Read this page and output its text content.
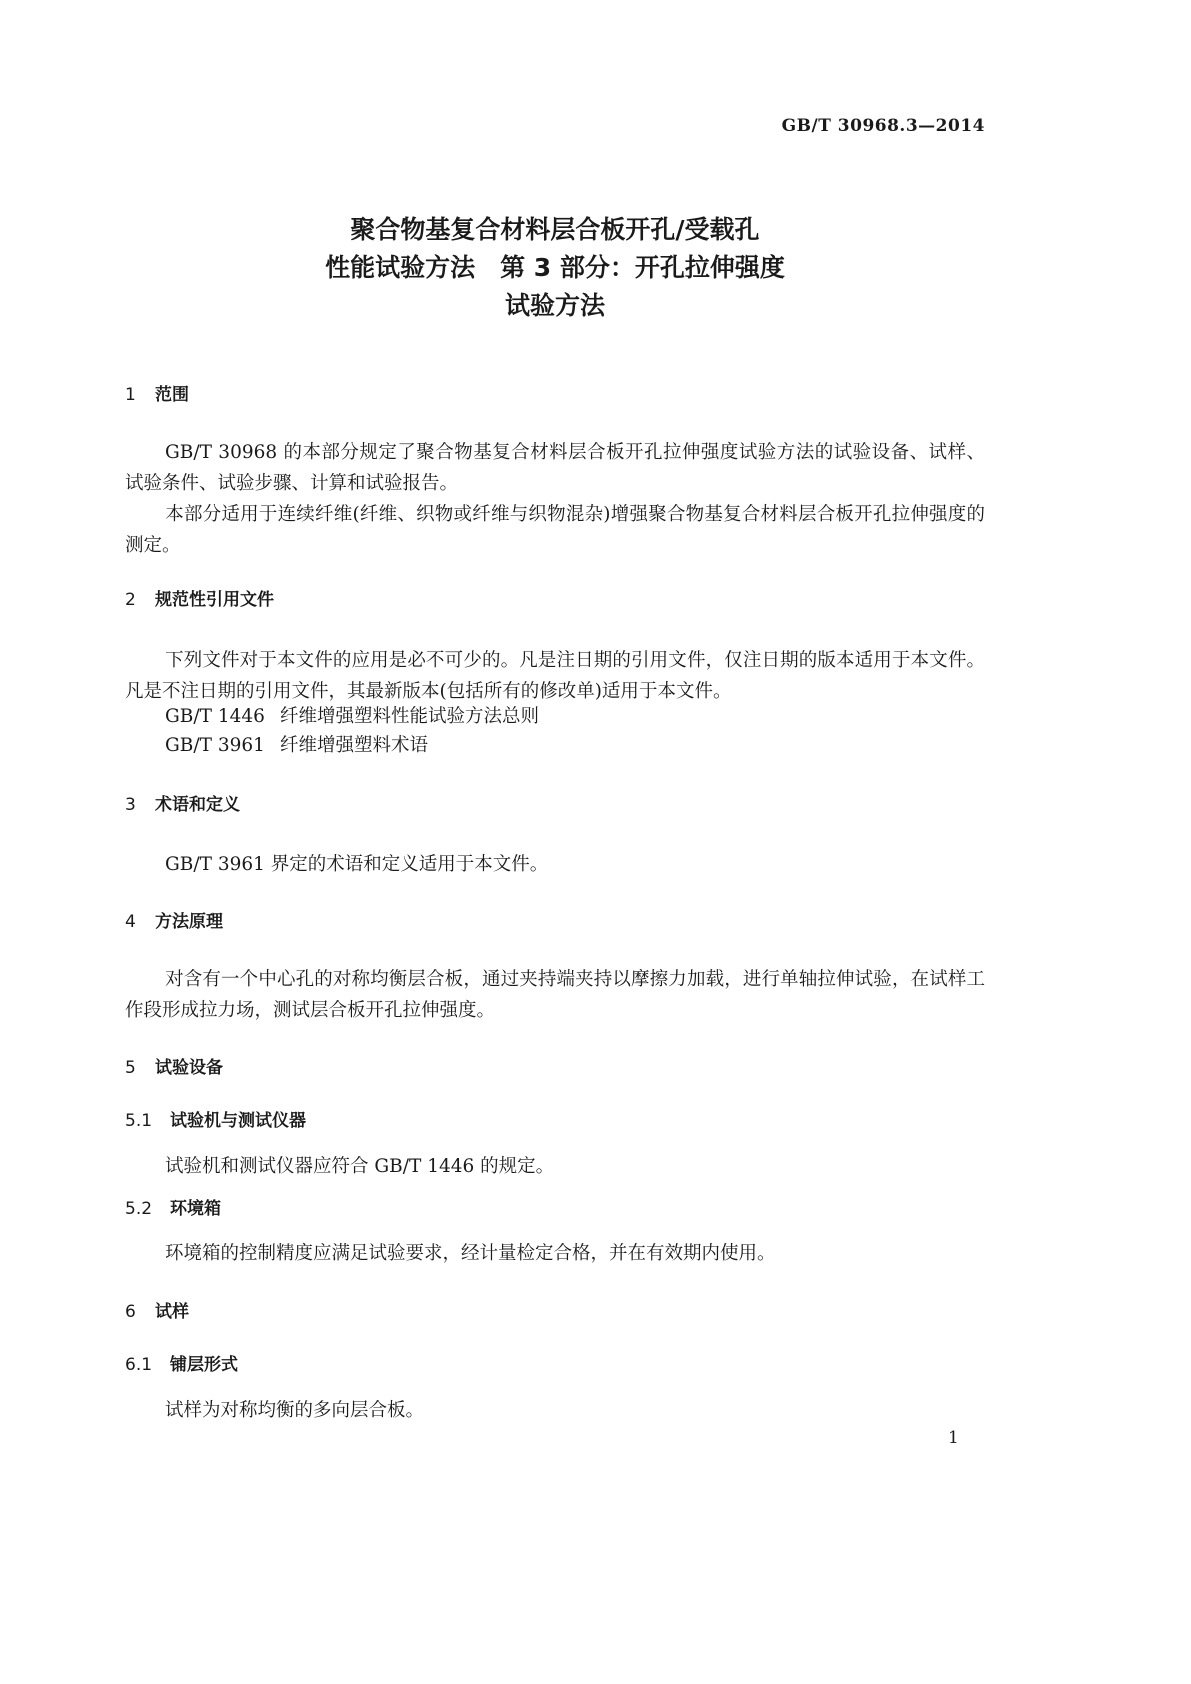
GB/T 30968.3—2014
聚合物基复合材料层合板开孔/受载孔
性能试验方法　第 3 部分：开孔拉伸强度
试验方法
1 范围
GB/T 30968 的本部分规定了聚合物基复合材料层合板开孔拉伸强度试验方法的试验设备、试样、试验条件、试验步骤、计算和试验报告。
本部分适用于连续纤维(纤维、织物或纤维与织物混杂)增强聚合物基复合材料层合板开孔拉伸强度的测定。
2 规范性引用文件
下列文件对于本文件的应用是必不可少的。凡是注日期的引用文件，仅注日期的版本适用于本文件。凡是不注日期的引用文件，其最新版本(包括所有的修改单)适用于本文件。
GB/T 1446 纤维增强塑料性能试验方法总则
GB/T 3961 纤维增强塑料术语
3 术语和定义
GB/T 3961 界定的术语和定义适用于本文件。
4 方法原理
对含有一个中心孔的对称均衡层合板，通过夹持端夹持以摩擦力加载，进行单轴拉伸试验，在试样工作段形成拉力场，测试层合板开孔拉伸强度。
5 试验设备
5.1 试验机与测试仪器
试验机和测试仪器应符合 GB/T 1446 的规定。
5.2 环境箱
环境箱的控制精度应满足试验要求，经计量检定合格，并在有效期内使用。
6 试样
6.1 铺层形式
试样为对称均衡的多向层合板。
1
